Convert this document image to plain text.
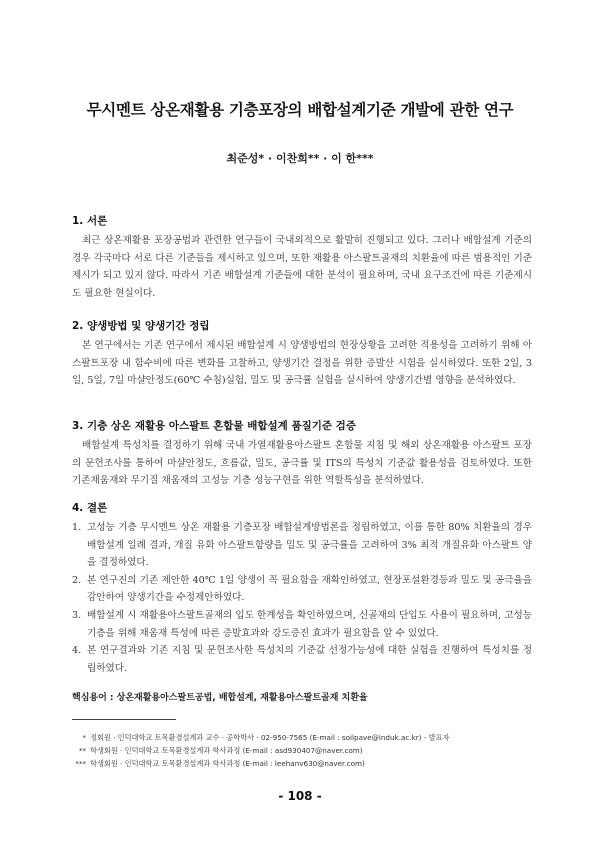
무시멘트 상온재활용 기층포장의 배합설계기준 개발에 관한 연구
최준성* · 이찬희** · 이 한***
1. 서론

최근 상온재활용 포장공법과 관련한 연구들이 국내외적으로 활발히 진행되고 있다. 그러나 배합설계 기준의 경우 각국마다 서로 다른 기준들을 제시하고 있으며, 또한 재활용 아스팔트골재의 치환율에 따른 범용적인 기준제시가 되고 있지 않다. 따라서 기존 배합설계 기준들에 대한 분석이 필요하며, 국내 요구조건에 따른 기준제시도 필요한 현실이다.

2. 양생방법 및 양생기간 정립

본 연구에서는 기존 연구에서 제시된 배합설계 시 양생방법의 현장상황을 고려한 적용성을 고려하기 위해 아스팔트포장 내 함수비에 따른 변화를 고찰하고, 양생기간 결정을 위한 증발산 시험을 실시하였다. 또한 2일, 3일, 5일, 7일 마샬안정도(60℃ 수침)실험, 밀도 및 공극률 실험을 실시하여 양생기간별 영향을 분석하였다.

3. 기층 상온 재활용 아스팔트 혼합물 배합설계 품질기준 검증

배합설계 특성치를 결정하기 위해 국내 가열재활용아스팔트 혼합물 지침 및 해외 상온재활용 아스팔트 포장의 문헌조사를 통하여 마샬안정도, 흐름값, 밀도, 공극률 및 ITS의 특성치 기준값 활용성을 검토하였다. 또한 기존채움재와 무기질 채움재의 고성능 기층 성능구현을 위한 역할특성을 분석하였다.

4. 결론
1. 고성능 기층 무시멘트 상온 재활용 기층포장 배합설계방법론을 정립하였고, 이를 통한 80% 치환율의 경우 배합설계 일례 결과, 개질 유화 아스팔트함량을 밀도 및 공극률을 고려하여 3% 최적 개질유화 아스팔트 양을 결정하였다.
2. 본 연구진의 기존 제안한 40℃ 1일 양생이 꼭 필요함을 재확인하였고, 현장포설환경등과 밀도 및 공극율을 감안하여 양생기간을 수정제안하였다.
3. 배합설계 시 재활용아스팔트골재의 입도 한계성을 확인하였으며, 신골재의 단입도 사용이 필요하며, 고성능기층을 위해 채움재 특성에 따른 증발효과와 강도증진 효과가 필요함을 알 수 있었다.
4. 본 연구결과와 기존 지침 및 문헌조사한 특성치의 기준값 선정가능성에 대한 실험을 진행하여 특성치를 정립하였다.
핵심용어 : 상온재활용아스팔트공법, 배합설계, 재활용아스팔트골재 치환율
* 정회원 · 인덕대학교 토목환경설계과 교수 · 공학박사 · 02-950-7565 (E-mail : soilpave@induk.ac.kr) - 발표자
** 학생회원 · 인덕대학교 토목환경설계과 학사과정 (E-mail : asd930407@naver.com)
*** 학생회원 · 인덕대학교 토목환경설계과 학사과정 (E-mail : leehanv630@naver.com)
- 108 -
